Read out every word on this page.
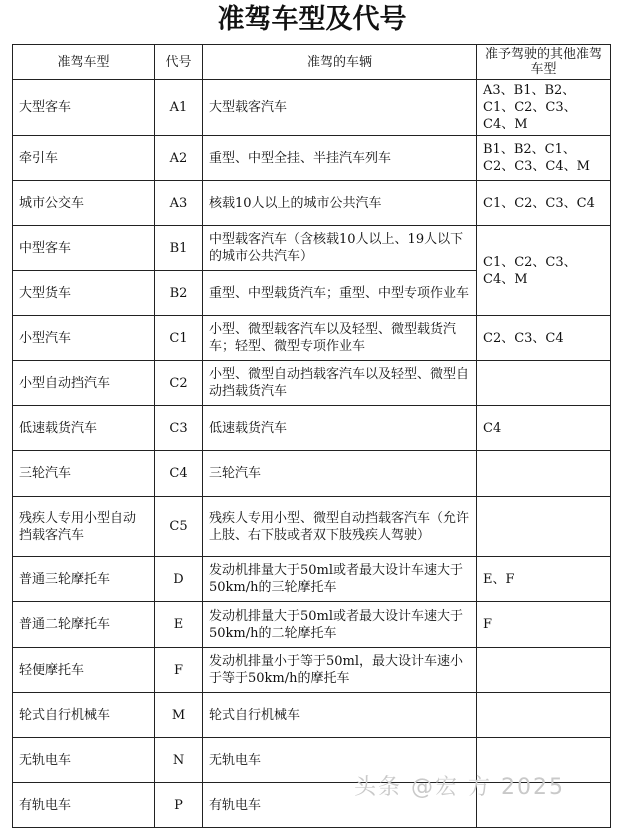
准驾车型及代号
准驾车型	代号	准驾的车辆	准予驾驶的其他准驾车型
大型客车	A1	大型载客汽车	A3、B1、B2、C1、C2、C3、C4、M
牵引车	A2	重型、中型全挂、半挂汽车列车	B1、B2、C1、C2、C3、C4、M
城市公交车	A3	核载10人以上的城市公共汽车	C1、C2、C3、C4
中型客车	B1	中型载客汽车（含核载10人以上、19人以下的城市公共汽车）	C1、C2、C3、C4、M
大型货车	B2	重型、中型载货汽车；重型、中型专项作业车	
小型汽车	C1	小型、微型载客汽车以及轻型、微型载货汽车；轻型、微型专项作业车	C2、C3、C4
小型自动挡汽车	C2	小型、微型自动挡载客汽车以及轻型、微型自动挡载货汽车	
低速载货汽车	C3	低速载货汽车	C4
三轮汽车	C4	三轮汽车	
残疾人专用小型自动挡载客汽车	C5	残疾人专用小型、微型自动挡载客汽车（允许上肢、右下肢或者双下肢残疾人驾驶）	
普通三轮摩托车	D	发动机排量大于50ml或者最大设计车速大于50km/h的三轮摩托车	E、F
普通二轮摩托车	E	发动机排量大于50ml或者最大设计车速大于50km/h的二轮摩托车	F
轻便摩托车	F	发动机排量小于等于50ml，最大设计车速小于等于50km/h的摩托车	
轮式自行机械车	M	轮式自行机械车	
无轨电车	N	无轨电车	
有轨电车	P	有轨电车	
头条 @宏 方 2025
